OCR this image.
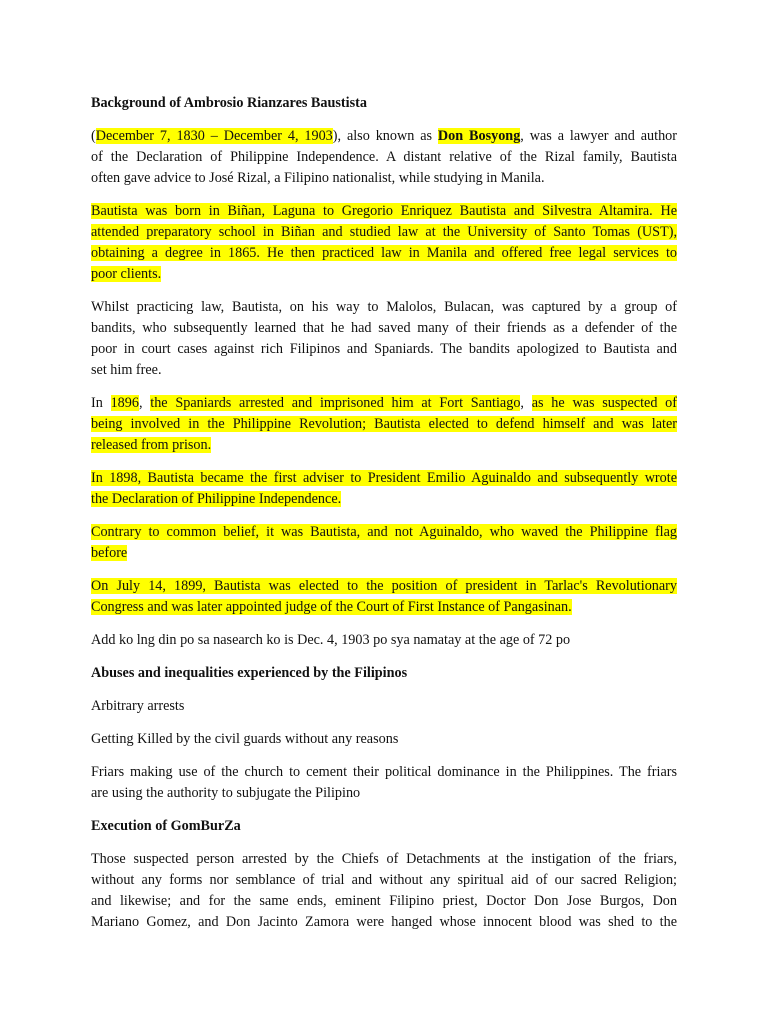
Background of Ambrosio Rianzares Baustista
(December 7, 1830 – December 4, 1903), also known as Don Bosyong, was a lawyer and author
of the Declaration of Philippine Independence. A distant relative of the Rizal family, Bautista
often gave advice to José Rizal, a Filipino nationalist, while studying in Manila.
Bautista was born in Biñan, Laguna to Gregorio Enriquez Bautista and Silvestra Altamira. He
attended preparatory school in Biñan and studied law at the University of Santo Tomas (UST),
obtaining a degree in 1865. He then practiced law in Manila and offered free legal services to
poor clients.
Whilst practicing law, Bautista, on his way to Malolos, Bulacan, was captured by a group of
bandits, who subsequently learned that he had saved many of their friends as a defender of the
poor in court cases against rich Filipinos and Spaniards. The bandits apologized to Bautista and
set him free.
In 1896, the Spaniards arrested and imprisoned him at Fort Santiago, as he was suspected of
being involved in the Philippine Revolution; Bautista elected to defend himself and was later
released from prison.
In 1898, Bautista became the first adviser to President Emilio Aguinaldo and subsequently wrote
the Declaration of Philippine Independence.
Contrary to common belief, it was Bautista, and not Aguinaldo, who waved the Philippine flag
before
On July 14, 1899, Bautista was elected to the position of president in Tarlac's Revolutionary
Congress and was later appointed judge of the Court of First Instance of Pangasinan.
Add ko lng din po sa nasearch ko is Dec. 4, 1903 po sya namatay at the age of 72 po
Abuses and inequalities experienced by the Filipinos
Arbitrary arrests
Getting Killed by the civil guards without any reasons
Friars making use of the church to cement their political dominance in the Philippines. The friars
are using the authority to subjugate the Pilipino
Execution of GomBurZa
Those suspected person arrested by the Chiefs of Detachments at the instigation of the friars,
without any forms nor semblance of trial and without any spiritual aid of our sacred Religion;
and likewise; and for the same ends, eminent Filipino priest, Doctor Don Jose Burgos, Don
Mariano Gomez, and Don Jacinto Zamora were hanged whose innocent blood was shed to the
